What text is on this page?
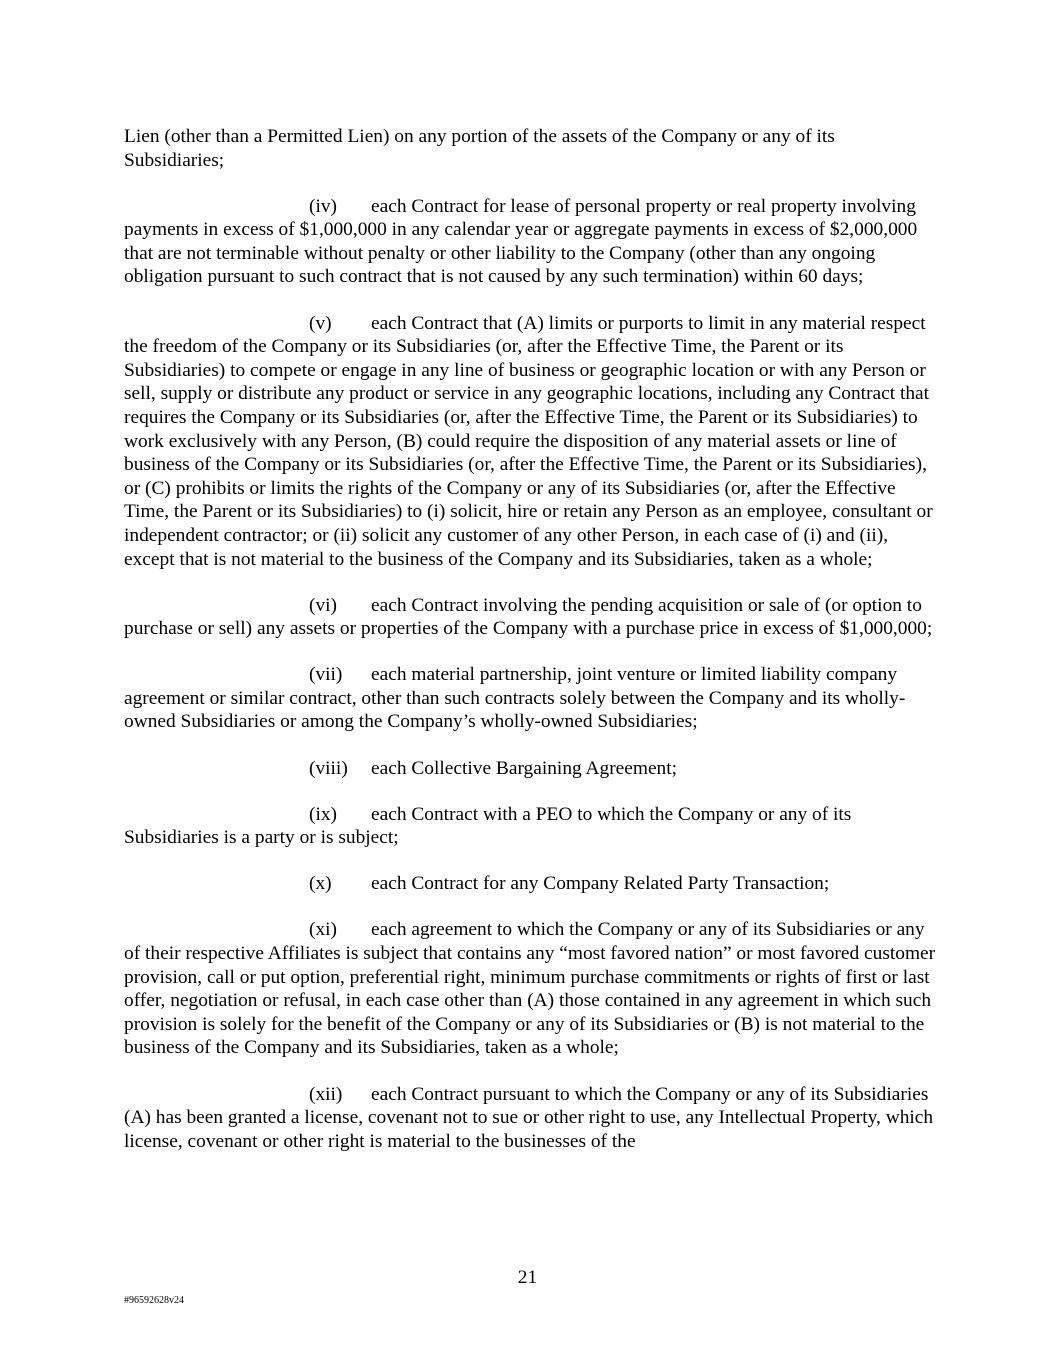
Lien (other than a Permitted Lien) on any portion of the assets of the Company or any of its Subsidiaries;

(iv) each Contract for lease of personal property or real property involving payments in excess of $1,000,000 in any calendar year or aggregate payments in excess of $2,000,000 that are not terminable without penalty or other liability to the Company (other than any ongoing obligation pursuant to such contract that is not caused by any such termination) within 60 days;

(v) each Contract that (A) limits or purports to limit in any material respect the freedom of the Company or its Subsidiaries (or, after the Effective Time, the Parent or its Subsidiaries) to compete or engage in any line of business or geographic location or with any Person or sell, supply or distribute any product or service in any geographic locations, including any Contract that requires the Company or its Subsidiaries (or, after the Effective Time, the Parent or its Subsidiaries) to work exclusively with any Person, (B) could require the disposition of any material assets or line of business of the Company or its Subsidiaries (or, after the Effective Time, the Parent or its Subsidiaries), or (C) prohibits or limits the rights of the Company or any of its Subsidiaries (or, after the Effective Time, the Parent or its Subsidiaries) to (i) solicit, hire or retain any Person as an employee, consultant or independent contractor; or (ii) solicit any customer of any other Person, in each case of (i) and (ii), except that is not material to the business of the Company and its Subsidiaries, taken as a whole;

(vi) each Contract involving the pending acquisition or sale of (or option to purchase or sell) any assets or properties of the Company with a purchase price in excess of $1,000,000;

(vii) each material partnership, joint venture or limited liability company agreement or similar contract, other than such contracts solely between the Company and its wholly-owned Subsidiaries or among the Company’s wholly-owned Subsidiaries;

(viii) each Collective Bargaining Agreement;

(ix) each Contract with a PEO to which the Company or any of its Subsidiaries is a party or is subject;

(x) each Contract for any Company Related Party Transaction;

(xi) each agreement to which the Company or any of its Subsidiaries or any of their respective Affiliates is subject that contains any “most favored nation” or most favored customer provision, call or put option, preferential right, minimum purchase commitments or rights of first or last offer, negotiation or refusal, in each case other than (A) those contained in any agreement in which such provision is solely for the benefit of the Company or any of its Subsidiaries or (B) is not material to the business of the Company and its Subsidiaries, taken as a whole;

(xii) each Contract pursuant to which the Company or any of its Subsidiaries (A) has been granted a license, covenant not to sue or other right to use, any Intellectual Property, which license, covenant or other right is material to the businesses of the

21
#96592628v24
